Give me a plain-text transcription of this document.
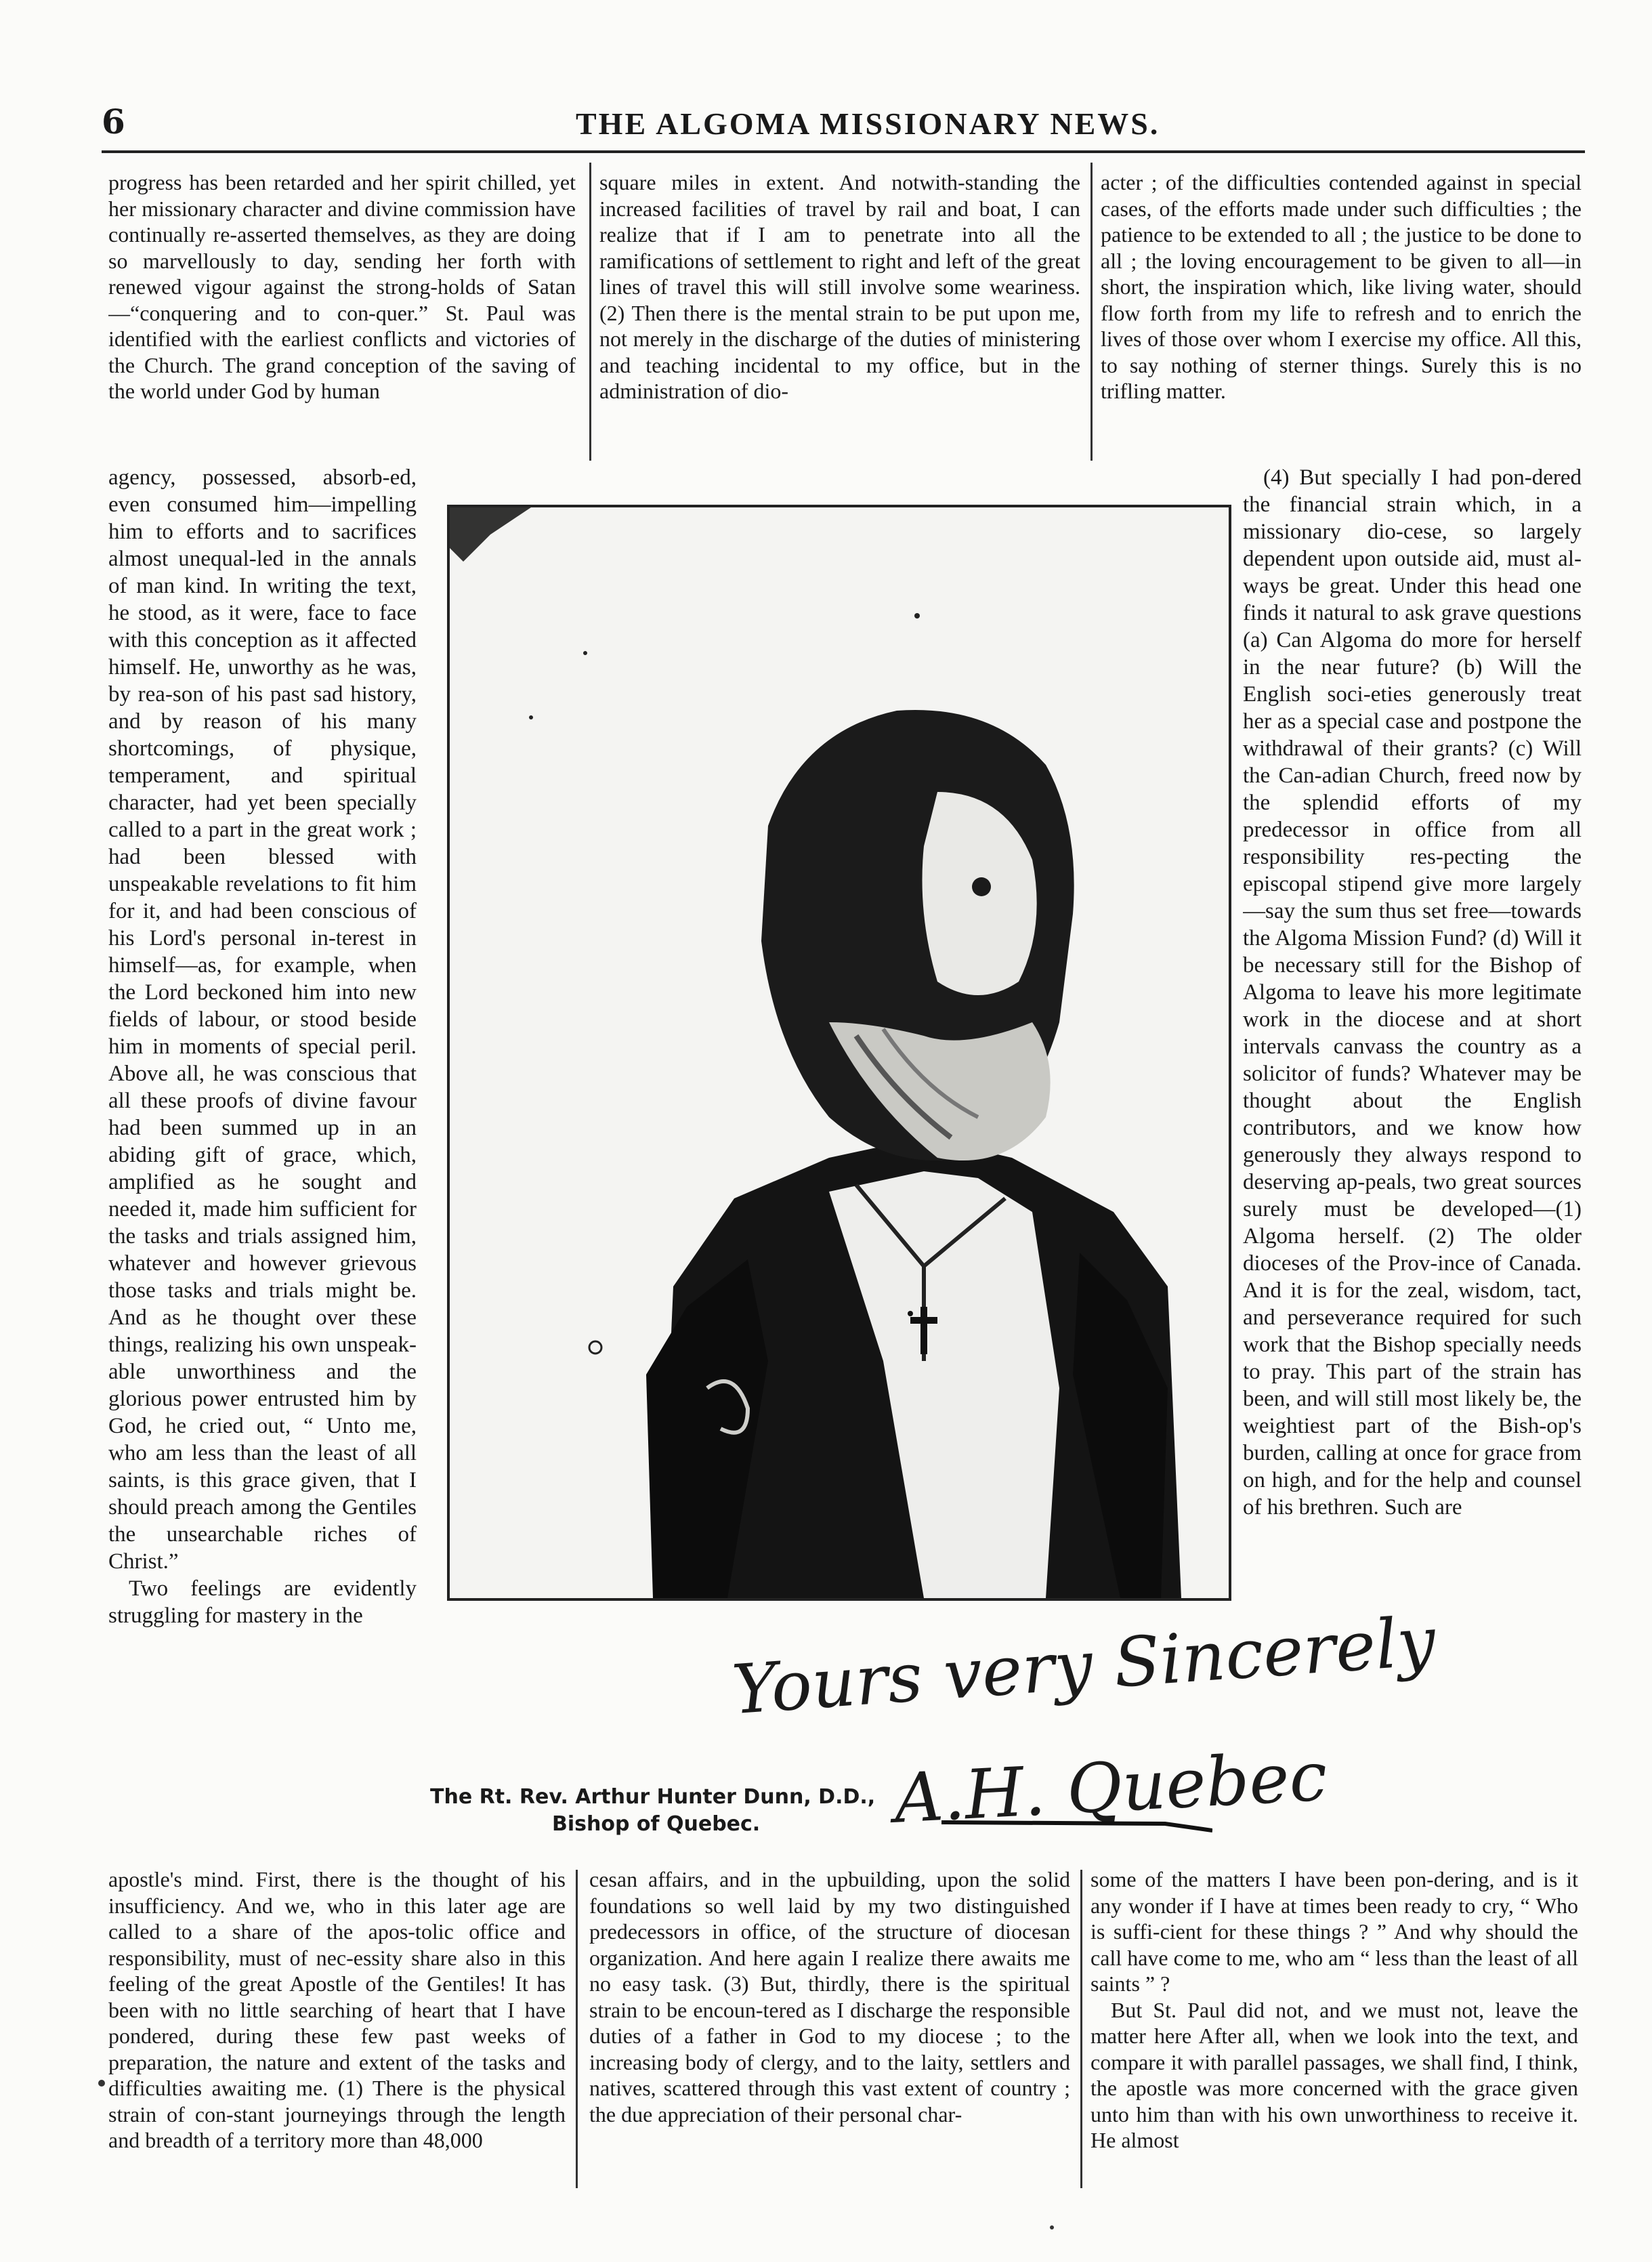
6	THE ALGOMA MISSIONARY NEWS.

progress has been retarded and her spirit chilled, yet her missionary character and divine commission have continually re-asserted themselves, as they are doing so marvellously to day, sending her forth with renewed vigour against the strong-holds of Satan—“conquering and to con-quer.” St. Paul was identified with the earliest conflicts and victories of the Church. The grand conception of the saving of the world under God by human

square miles in extent. And notwith-standing the increased facilities of travel by rail and boat, I can realize that if I am to penetrate into all the ramifications of settlement to right and left of the great lines of travel this will still involve some weariness. (2) Then there is the mental strain to be put upon me, not merely in the discharge of the duties of ministering and teaching incidental to my office, but in the administration of dio-

acter ; of the difficulties contended against in special cases, of the efforts made under such difficulties ; the patience to be extended to all ; the justice to be done to all ; the loving encouragement to be given to all—in short, the inspiration which, like living water, should flow forth from my life to refresh and to enrich the lives of those over whom I exercise my office. All this, to say nothing of sterner things. Surely this is no trifling matter.

agency, possessed, absorb-ed, even consumed him—impelling him to efforts and to sacrifices almost unequal-led in the annals of man kind. In writing the text, he stood, as it were, face to face with this conception as it affected himself. He, unworthy as he was, by rea-son of his past sad history, and by reason of his many shortcomings, of physique, temperament, and spiritual character, had yet been specially called to a part in the great work ; had been blessed with unspeakable revelations to fit him for it, and had been conscious of his Lord's personal in-terest in himself—as, for example, when the Lord beckoned him into new fields of labour, or stood beside him in moments of special peril. Above all, he was conscious that all these proofs of divine favour had been summed up in an abiding gift of grace, which, amplified as he sought and needed it, made him sufficient for the tasks and trials assigned him, whatever and however grievous those tasks and trials might be. And as he thought over these things, realizing his own unspeak-able unworthiness and the glorious power entrusted him by God, he cried out, “ Unto me, who am less than the least of all saints, is this grace given, that I should preach among the Gentiles the unsearchable riches of Christ.”

Two feelings are evidently struggling for mastery in the

(4) But specially I had pon-dered the financial strain which, in a missionary dio-cese, so largely dependent upon outside aid, must al-ways be great. Under this head one finds it natural to ask grave questions (a) Can Algoma do more for herself in the near future? (b) Will the English soci-eties generously treat her as a special case and postpone the withdrawal of their grants? (c) Will the Can-adian Church, freed now by the splendid efforts of my predecessor in office from all responsibility res-pecting the episcopal stipend give more largely—say the sum thus set free—towards the Algoma Mission Fund? (d) Will it be necessary still for the Bishop of Algoma to leave his more legitimate work in the diocese and at short intervals canvass the country as a solicitor of funds? Whatever may be thought about the English contributors, and we know how generously they always respond to deserving ap-peals, two great sources surely must be developed—(1) Algoma herself. (2) The older dioceses of the Prov-ince of Canada. And it is for the zeal, wisdom, tact, and perseverance required for such work that the Bishop specially needs to pray. This part of the strain has been, and will still most likely be, the weightiest part of the Bish-op's burden, calling at once for grace from on high, and for the help and counsel of his brethren. Such are

Yours very Sincerely
A.H. Quebec
The Rt. Rev. Arthur Hunter Dunn, D.D.,
Bishop of Quebec.

apostle's mind. First, there is the thought of his insufficiency. And we, who in this later age are called to a share of the apos-tolic office and responsibility, must of nec-essity share also in this feeling of the great Apostle of the Gentiles! It has been with no little searching of heart that I have pondered, during these few past weeks of preparation, the nature and extent of the tasks and difficulties awaiting me. (1) There is the physical strain of con-stant journeyings through the length and breadth of a territory more than 48,000

cesan affairs, and in the upbuilding, upon the solid foundations so well laid by my two distinguished predecessors in office, of the structure of diocesan organization. And here again I realize there awaits me no easy task. (3) But, thirdly, there is the spiritual strain to be encoun-tered as I discharge the responsible duties of a father in God to my diocese ; to the increasing body of clergy, and to the laity, settlers and natives, scattered through this vast extent of country ; the due appreciation of their personal char-

some of the matters I have been pon-dering, and is it any wonder if I have at times been ready to cry, “ Who is suffi-cient for these things ? ” And why should the call have come to me, who am “ less than the least of all saints ” ?

But St. Paul did not, and we must not, leave the matter here After all, when we look into the text, and compare it with parallel passages, we shall find, I think, the apostle was more concerned with the grace given unto him than with his own unworthiness to receive it. He almost
